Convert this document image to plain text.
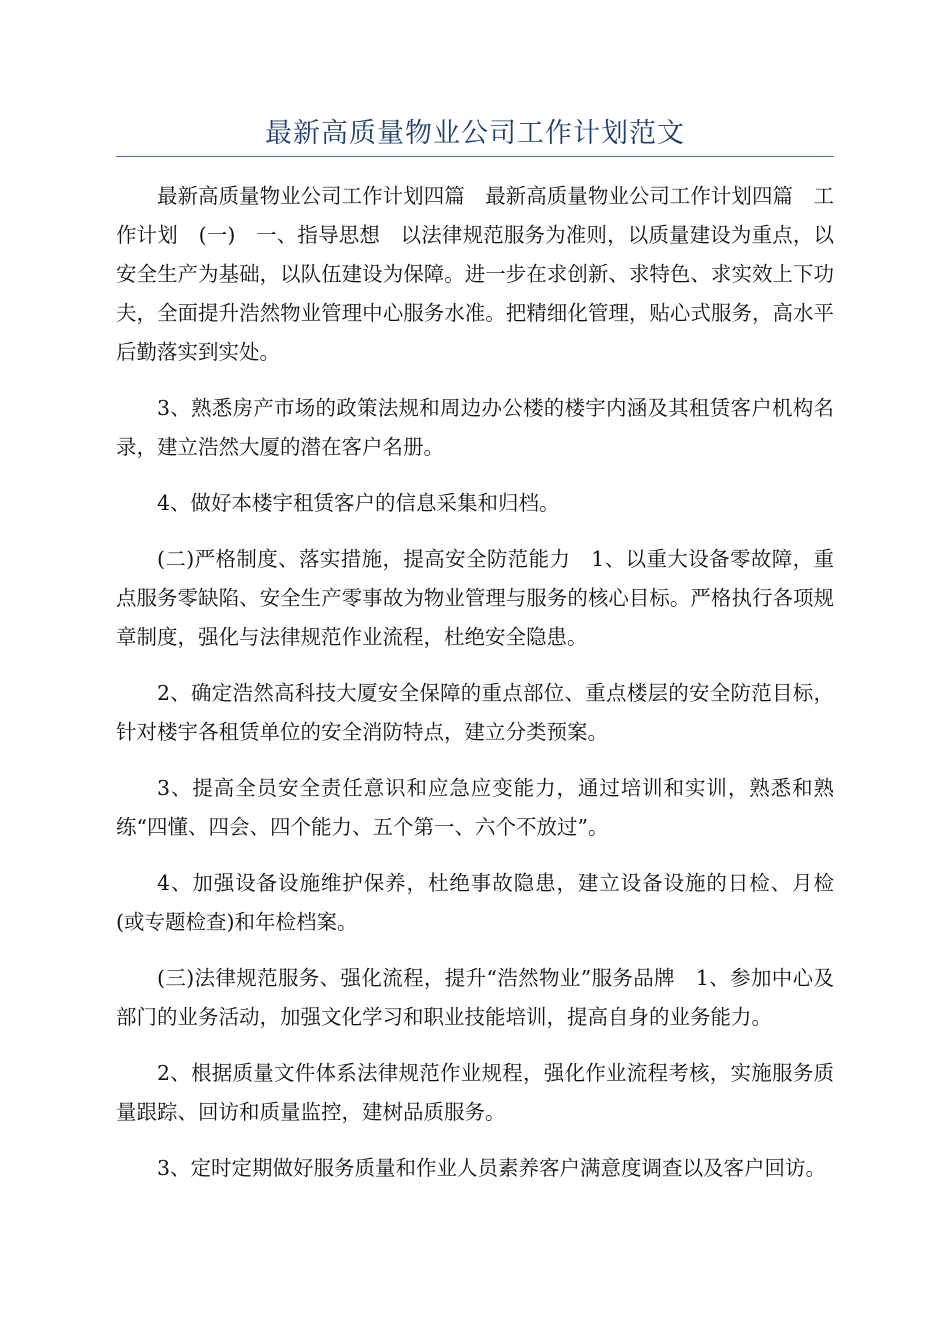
最新高质量物业公司工作计划范文

最新高质量物业公司工作计划四篇　最新高质量物业公司工作计划四篇　工作计划　(一)　一、指导思想　以法律规范服务为准则，以质量建设为重点，以安全生产为基础，以队伍建设为保障。进一步在求创新、求特色、求实效上下功夫，全面提升浩然物业管理中心服务水准。把精细化管理，贴心式服务，高水平后勤落实到实处。

3、熟悉房产市场的政策法规和周边办公楼的楼宇内涵及其租赁客户机构名录，建立浩然大厦的潜在客户名册。

4、做好本楼宇租赁客户的信息采集和归档。

(二)严格制度、落实措施，提高安全防范能力　1、以重大设备零故障，重点服务零缺陷、安全生产零事故为物业管理与服务的核心目标。严格执行各项规章制度，强化与法律规范作业流程，杜绝安全隐患。

2、确定浩然高科技大厦安全保障的重点部位、重点楼层的安全防范目标，针对楼宇各租赁单位的安全消防特点，建立分类预案。

3、提高全员安全责任意识和应急应变能力，通过培训和实训，熟悉和熟练“四懂、四会、四个能力、五个第一、六个不放过”。

4、加强设备设施维护保养，杜绝事故隐患，建立设备设施的日检、月检(或专题检查)和年检档案。

(三)法律规范服务、强化流程，提升“浩然物业”服务品牌　1、参加中心及部门的业务活动，加强文化学习和职业技能培训，提高自身的业务能力。

2、根据质量文件体系法律规范作业规程，强化作业流程考核，实施服务质量跟踪、回访和质量监控，建树品质服务。

3、定时定期做好服务质量和作业人员素养客户满意度调查以及客户回访。
